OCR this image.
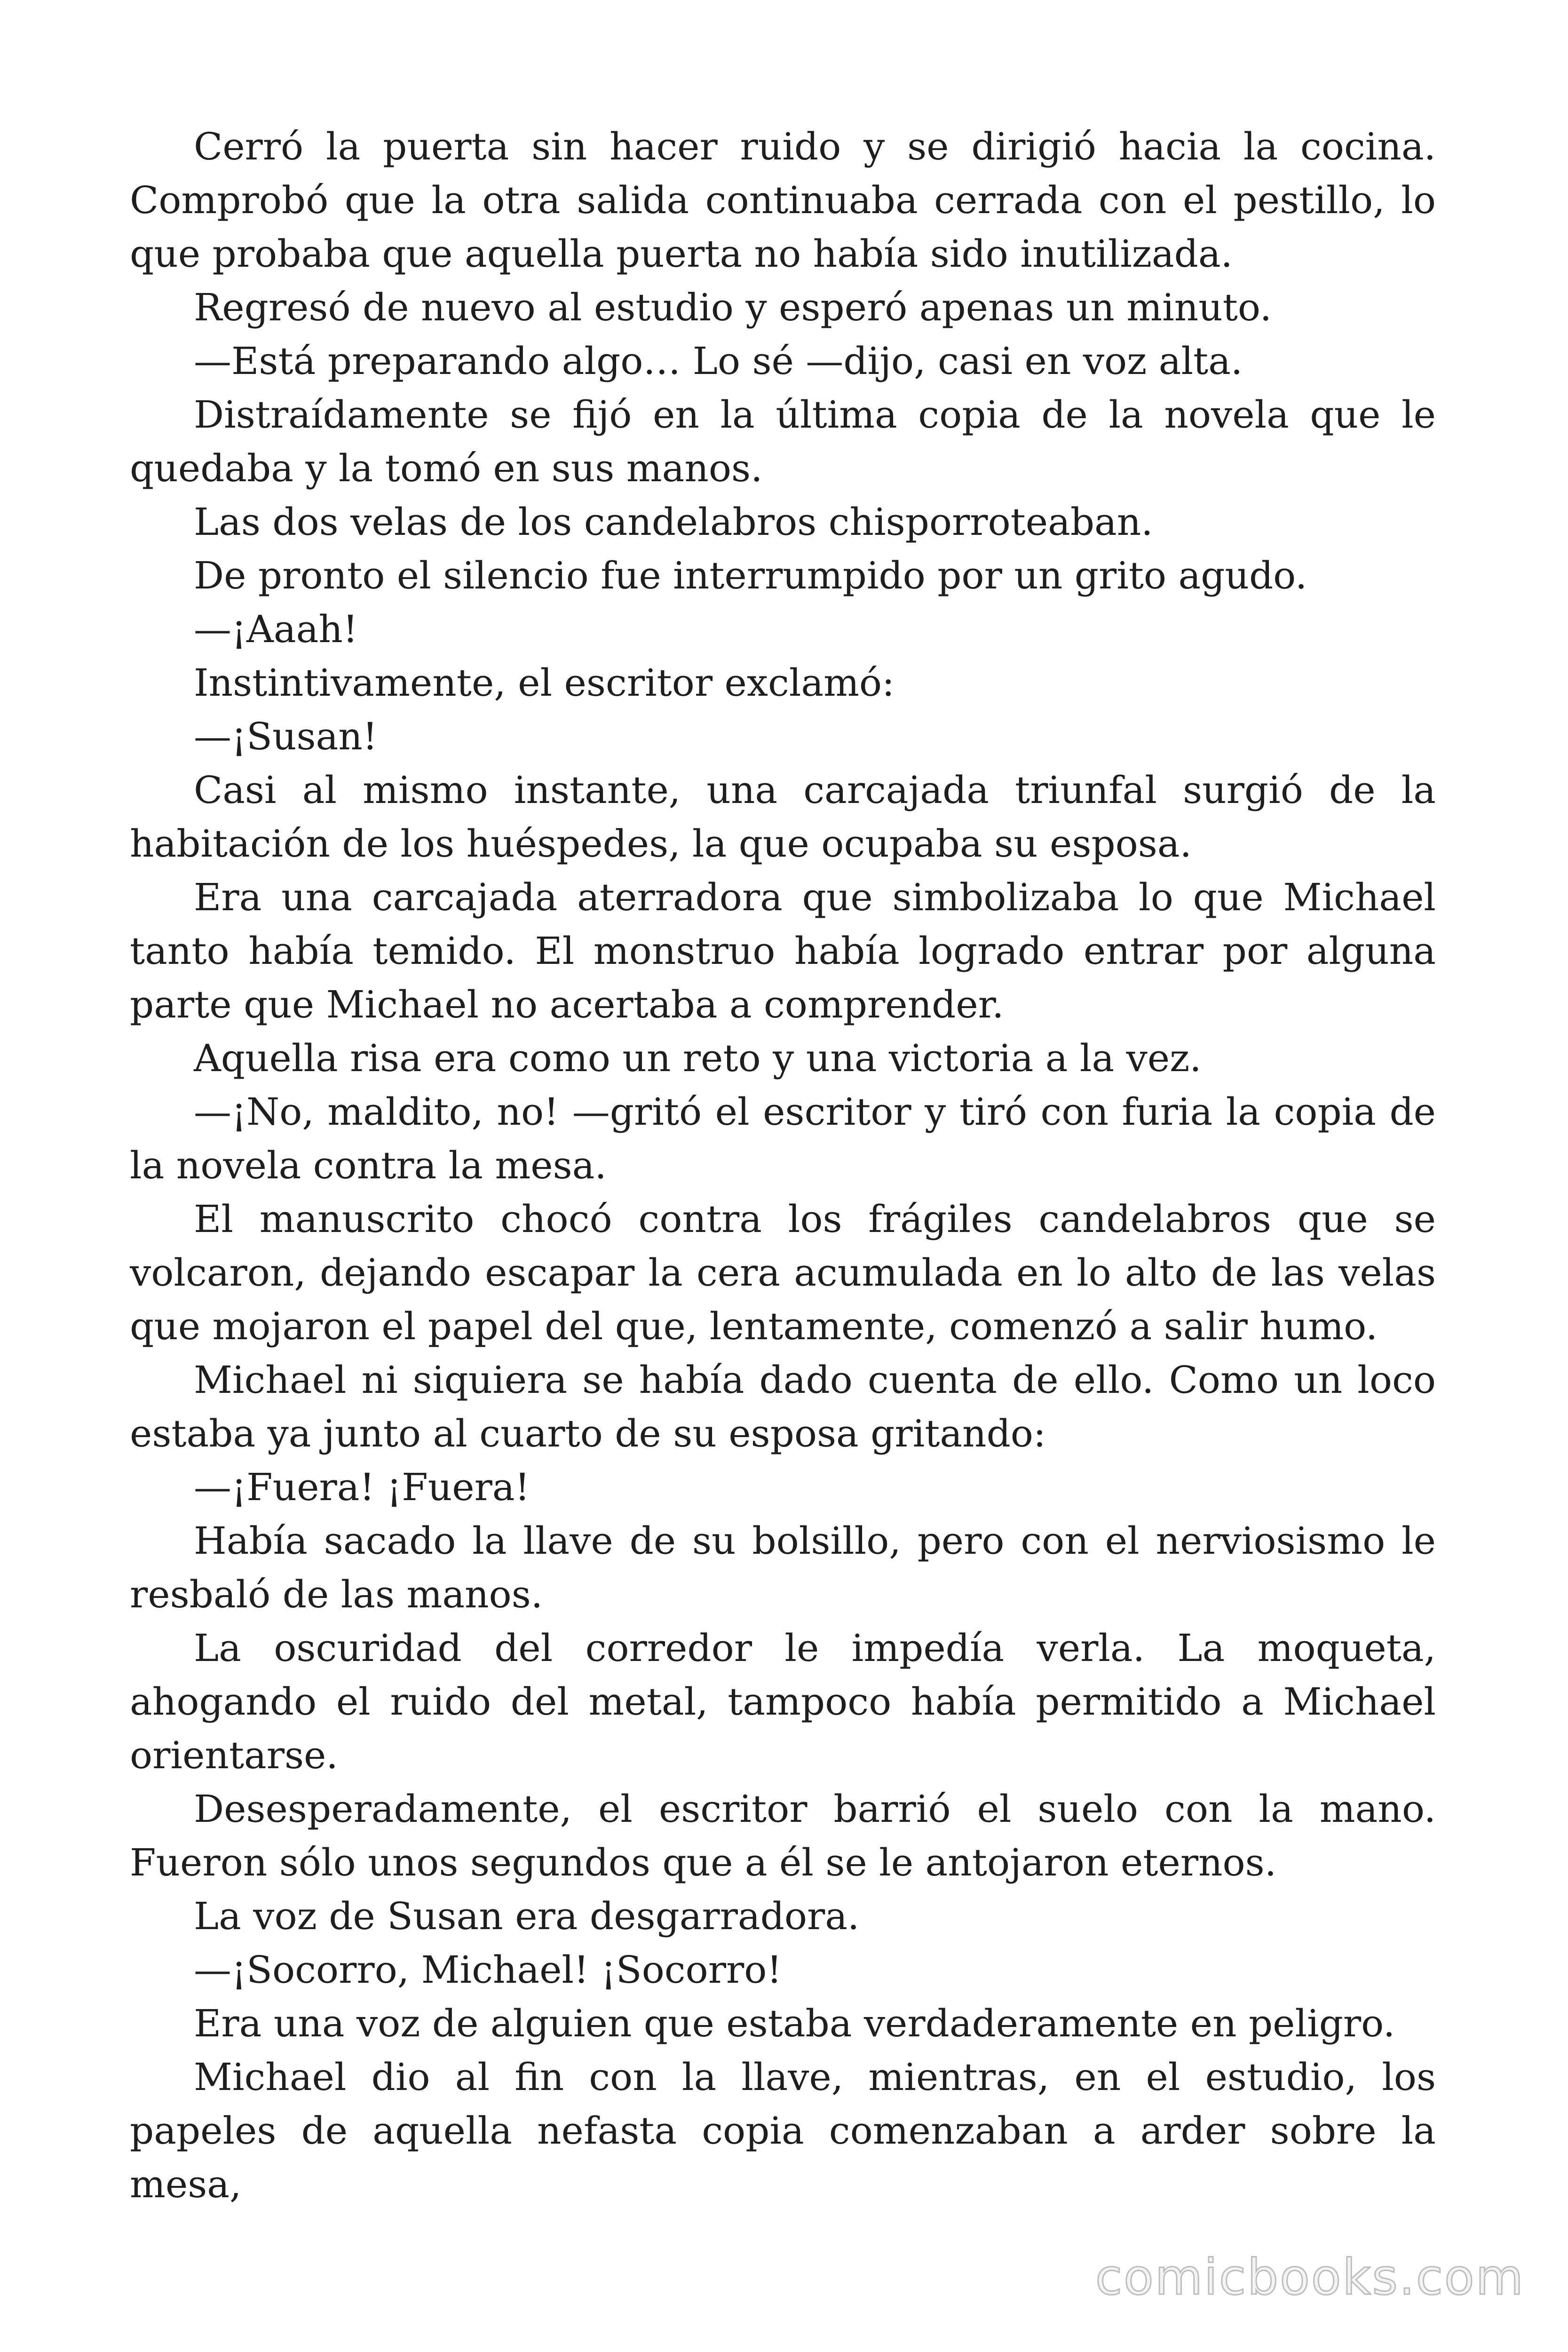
Cerró la puerta sin hacer ruido y se dirigió hacia la cocina. Comprobó que la otra salida continuaba cerrada con el pestillo, lo que probaba que aquella puerta no había sido inutilizada.

Regresó de nuevo al estudio y esperó apenas un minuto.

—Está preparando algo… Lo sé —dijo, casi en voz alta.

Distraídamente se fijó en la última copia de la novela que le quedaba y la tomó en sus manos.

Las dos velas de los candelabros chisporroteaban.

De pronto el silencio fue interrumpido por un grito agudo.

—¡Aaah!

Instintivamente, el escritor exclamó:

—¡Susan!

Casi al mismo instante, una carcajada triunfal surgió de la habitación de los huéspedes, la que ocupaba su esposa.

Era una carcajada aterradora que simbolizaba lo que Michael tanto había temido. El monstruo había logrado entrar por alguna parte que Michael no acertaba a comprender.

Aquella risa era como un reto y una victoria a la vez.

—¡No, maldito, no! —gritó el escritor y tiró con furia la copia de la novela contra la mesa.

El manuscrito chocó contra los frágiles candelabros que se volcaron, dejando escapar la cera acumulada en lo alto de las velas que mojaron el papel del que, lentamente, comenzó a salir humo.

Michael ni siquiera se había dado cuenta de ello. Como un loco estaba ya junto al cuarto de su esposa gritando:

—¡Fuera! ¡Fuera!

Había sacado la llave de su bolsillo, pero con el nerviosismo le resbaló de las manos.

La oscuridad del corredor le impedía verla. La moqueta, ahogando el ruido del metal, tampoco había permitido a Michael orientarse.

Desesperadamente, el escritor barrió el suelo con la mano. Fueron sólo unos segundos que a él se le antojaron eternos.

La voz de Susan era desgarradora.

—¡Socorro, Michael! ¡Socorro!

Era una voz de alguien que estaba verdaderamente en peligro.

Michael dio al fin con la llave, mientras, en el estudio, los papeles de aquella nefasta copia comenzaban a arder sobre la mesa,

comicbooks.com
